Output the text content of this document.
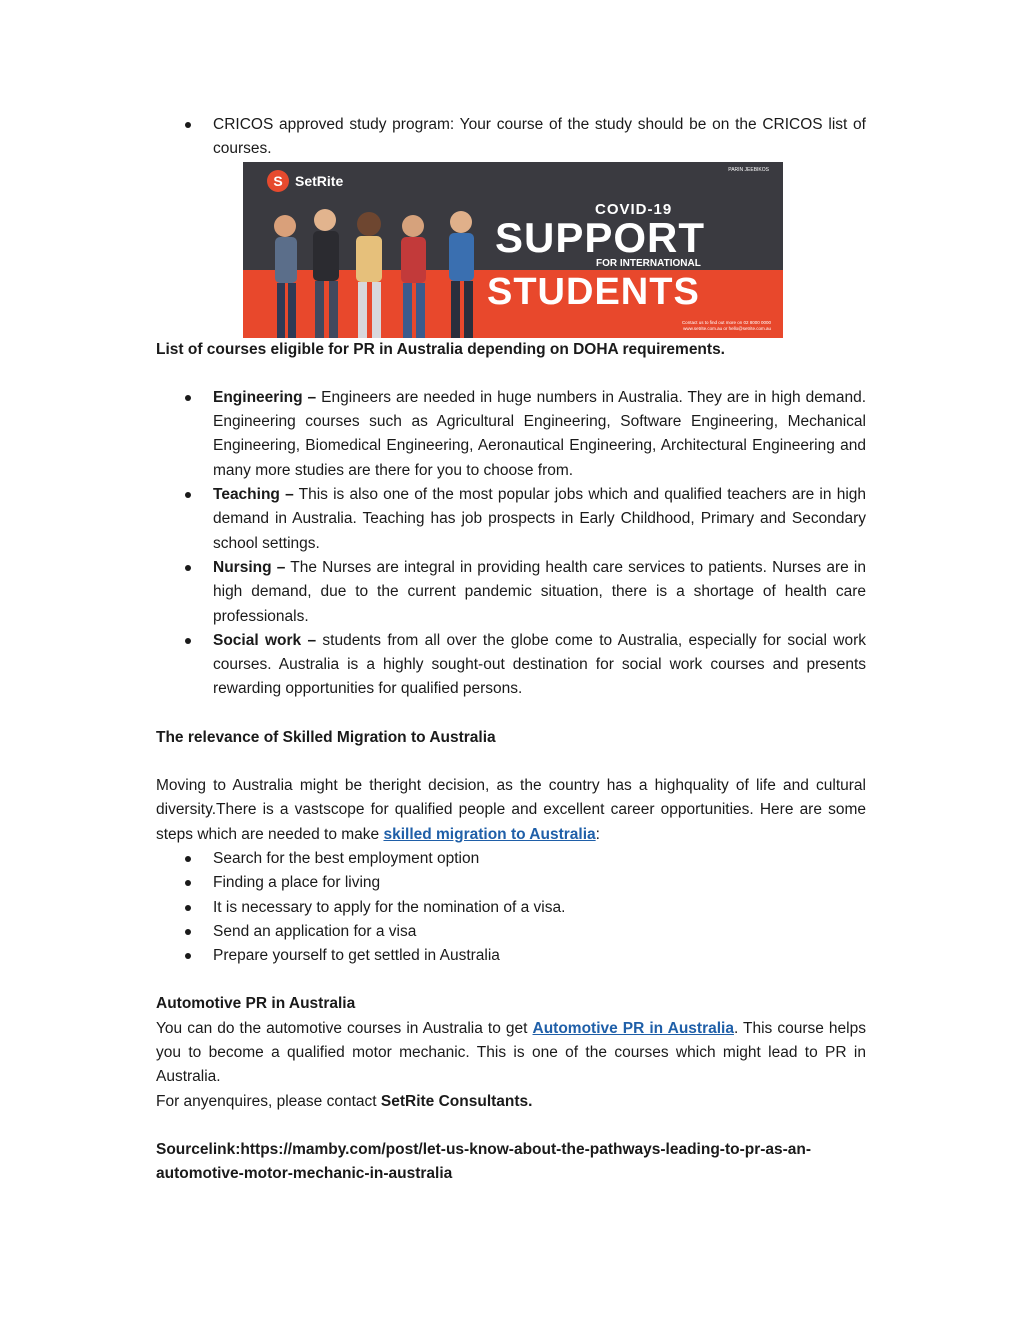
CRICOS approved study program: Your course of the study should be on the CRICOS list of courses.
S SetRite
PARIN JEEBIKOS
COVID-19
SUPPORT
FOR INTERNATIONAL
STUDENTS
Contact us to find out more on 02 8000 0000
www.setrite.com.au or hello@setrite.com.au

List of courses eligible for PR in Australia depending on DOHA requirements.

Engineering – Engineers are needed in huge numbers in Australia. They are in high demand. Engineering courses such as Agricultural Engineering, Software Engineering, Mechanical Engineering, Biomedical Engineering, Aeronautical Engineering, Architectural Engineering and many more studies are there for you to choose from.
Teaching – This is also one of the most popular jobs which and qualified teachers are in high demand in Australia. Teaching has job prospects in Early Childhood, Primary and Secondary school settings.
Nursing – The Nurses are integral in providing health care services to patients. Nurses are in high demand, due to the current pandemic situation, there is a shortage of health care professionals.
Social work – students from all over the globe come to Australia, especially for social work courses. Australia is a highly sought-out destination for social work courses and presents rewarding opportunities for qualified persons.

The relevance of Skilled Migration to Australia

Moving to Australia might be theright decision, as the country has a highquality of life and cultural diversity.There is a vastscope for qualified people and excellent career opportunities. Here are some steps which are needed to make skilled migration to Australia:

Search for the best employment option
Finding a place for living
It is necessary to apply for the nomination of a visa.
Send an application for a visa
Prepare yourself to get settled in Australia

Automotive PR in Australia

You can do the automotive courses in Australia to get Automotive PR in Australia. This course helps you to become a qualified motor mechanic. This is one of the courses which might lead to PR in Australia.

For anyenquires, please contact SetRite Consultants.

Sourcelink:https://mamby.com/post/let-us-know-about-the-pathways-leading-to-pr-as-an-
automotive-motor-mechanic-in-australia
